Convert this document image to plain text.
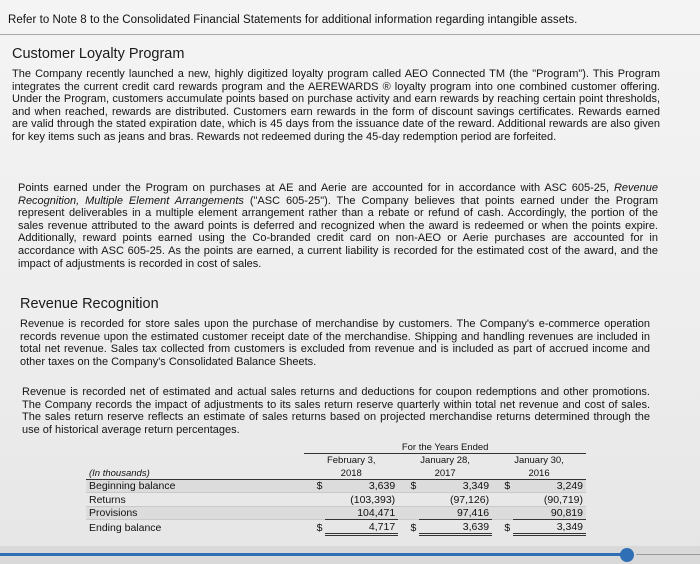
Refer to Note 8 to the Consolidated Financial Statements for additional information regarding intangible assets.
Customer Loyalty Program
The Company recently launched a new, highly digitized loyalty program called AEO Connected TM (the "Program"). This Program integrates the current credit card rewards program and the AEREWARDS ® loyalty program into one combined customer offering. Under the Program, customers accumulate points based on purchase activity and earn rewards by reaching certain point thresholds, and when reached, rewards are distributed. Customers earn rewards in the form of discount savings certificates. Rewards earned are valid through the stated expiration date, which is 45 days from the issuance date of the reward. Additional rewards are also given for key items such as jeans and bras. Rewards not redeemed during the 45-day redemption period are forfeited.
Points earned under the Program on purchases at AE and Aerie are accounted for in accordance with ASC 605-25, Revenue Recognition, Multiple Element Arrangements ("ASC 605-25"). The Company believes that points earned under the Program represent deliverables in a multiple element arrangement rather than a rebate or refund of cash. Accordingly, the portion of the sales revenue attributed to the award points is deferred and recognized when the award is redeemed or when the points expire. Additionally, reward points earned using the Co-branded credit card on non-AEO or Aerie purchases are accounted for in accordance with ASC 605-25. As the points are earned, a current liability is recorded for the estimated cost of the award, and the impact of adjustments is recorded in cost of sales.
Revenue Recognition
Revenue is recorded for store sales upon the purchase of merchandise by customers. The Company's e-commerce operation records revenue upon the estimated customer receipt date of the merchandise. Shipping and handling revenues are included in total net revenue. Sales tax collected from customers is excluded from revenue and is included as part of accrued income and other taxes on the Company's Consolidated Balance Sheets.
Revenue is recorded net of estimated and actual sales returns and deductions for coupon redemptions and other promotions. The Company records the impact of adjustments to its sales return reserve quarterly within total net revenue and cost of sales. The sales return reserve reflects an estimate of sales returns based on projected merchandise returns determined through the use of historical average return percentages.
	For the Years Ended					
	February 3,		January 28,		January 30,	
(In thousands)	2018		2017		2016	
Beginning balance	$	3,639	$	3,349	$	3,249
Returns		(103,393)		(97,126)		(90,719)
Provisions		104,471		97,416		90,819
Ending balance	$	4,717	$	3,639	$	3,349
